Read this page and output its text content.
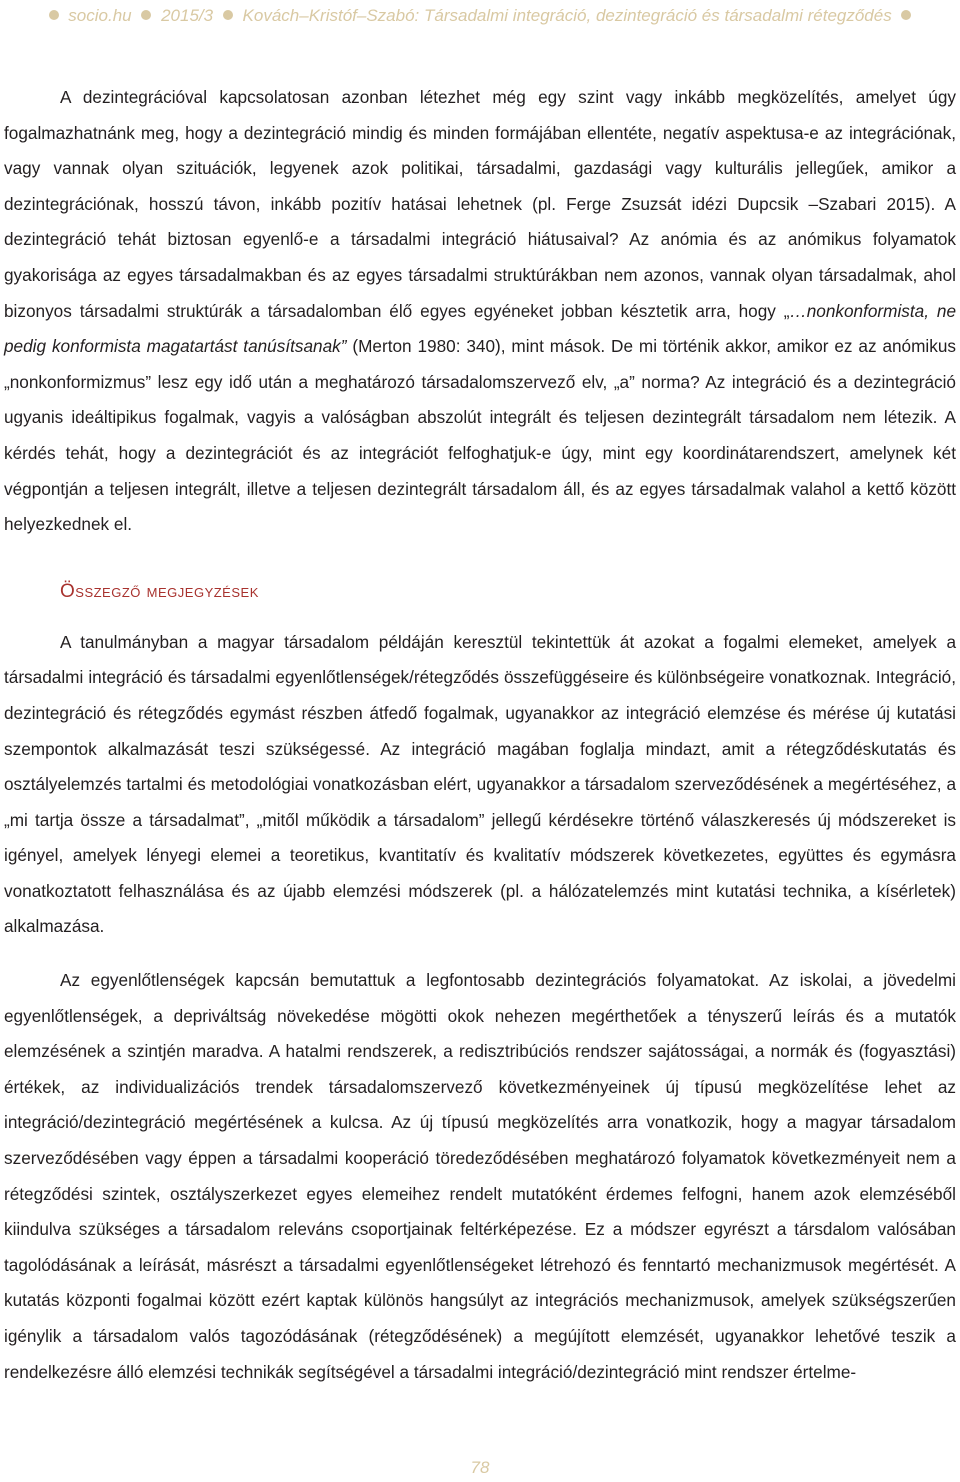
socio.hu 2015/3 Kovách–Kristóf–Szabó: Társadalmi integráció, dezintegráció és társadalmi rétegződés

A dezintegrációval kapcsolatosan azonban létezhet még egy szint vagy inkább megközelítés, amelyet úgy fogalmazhatnánk meg, hogy a dezintegráció mindig és minden formájában ellentéte, negatív aspektusa-e az integrációnak, vagy vannak olyan szituációk, legyenek azok politikai, társadalmi, gazdasági vagy kulturális jellegűek, amikor a dezintegrációnak, hosszú távon, inkább pozitív hatásai lehetnek (pl. Ferge Zsuzsát idézi Dupcsik –Szabari 2015). A dezintegráció tehát biztosan egyenlő-e a társadalmi integráció hiátusaival? Az anómia és az anómikus folyamatok gyakorisága az egyes társadalmakban és az egyes társadalmi struktúrákban nem azonos, vannak olyan társadalmak, ahol bizonyos társadalmi struktúrák a társadalomban élő egyes egyéneket jobban késztetik arra, hogy „…nonkonformista, ne pedig konformista magatartást tanúsítsanak” (Merton 1980: 340), mint mások. De mi történik akkor, amikor ez az anómikus „nonkonformizmus” lesz egy idő után a meghatározó társadalomszervező elv, „a” norma? Az integráció és a dezintegráció ugyanis ideáltipikus fogalmak, vagyis a valóságban abszolút integrált és teljesen dezintegrált társadalom nem létezik. A kérdés tehát, hogy a dezintegrációt és az integrációt felfoghatjuk-e úgy, mint egy koordinátarendszert, amelynek két végpontján a teljesen integrált, illetve a teljesen dezintegrált társadalom áll, és az egyes társadalmak valahol a kettő között helyezkednek el.

Összegző megjegyzések

A tanulmányban a magyar társadalom példáján keresztül tekintettük át azokat a fogalmi elemeket, amelyek a társadalmi integráció és társadalmi egyenlőtlenségek/rétegződés összefüggéseire és különbségeire vonatkoznak. Integráció, dezintegráció és rétegződés egymást részben átfedő fogalmak, ugyanakkor az integráció elemzése és mérése új kutatási szempontok alkalmazását teszi szükségessé. Az integráció magában foglalja mindazt, amit a rétegződéskutatás és osztályelemzés tartalmi és metodológiai vonatkozásban elért, ugyanakkor a társadalom szerveződésének a megértéséhez, a „mi tartja össze a társadalmat”, „mitől működik a társadalom” jellegű kérdésekre történő válaszkeresés új módszereket is igényel, amelyek lényegi elemei a teoretikus, kvantitatív és kvalitatív módszerek következetes, együttes és egymásra vonatkoztatott felhasználása és az újabb elemzési módszerek (pl. a hálózatelemzés mint kutatási technika, a kísérletek) alkalmazása.

Az egyenlőtlenségek kapcsán bemutattuk a legfontosabb dezintegrációs folyamatokat. Az iskolai, a jövedelmi egyenlőtlenségek, a depriváltság növekedése mögötti okok nehezen megérthetőek a tényszerű leírás és a mutatók elemzésének a szintjén maradva. A hatalmi rendszerek, a redisztribúciós rendszer sajátosságai, a normák és (fogyasztási) értékek, az individualizációs trendek társadalomszervező következményeinek új típusú megközelítése lehet az integráció/dezintegráció megértésének a kulcsa. Az új típusú megközelítés arra vonatkozik, hogy a magyar társadalom szerveződésében vagy éppen a társadalmi kooperáció töredeződésében meghatározó folyamatok következményeit nem a rétegződési szintek, osztályszerkezet egyes elemeihez rendelt mutatóként érdemes felfogni, hanem azok elemzéséből kiindulva szükséges a társadalom releváns csoportjainak feltérképezése. Ez a módszer egyrészt a társdalom valósában tagolódásának a leírását, másrészt a társadalmi egyenlőtlenségeket létrehozó és fenntartó mechanizmusok megértését. A kutatás központi fogalmai között ezért kaptak különös hangsúlyt az integrációs mechanizmusok, amelyek szükségszerűen igénylik a társadalom valós tagozódásának (rétegződésének) a megújított elemzését, ugyanakkor lehetővé teszik a rendelkezésre álló elemzési technikák segítségével a társadalmi integráció/dezintegráció mint rendszer értelme-

78
